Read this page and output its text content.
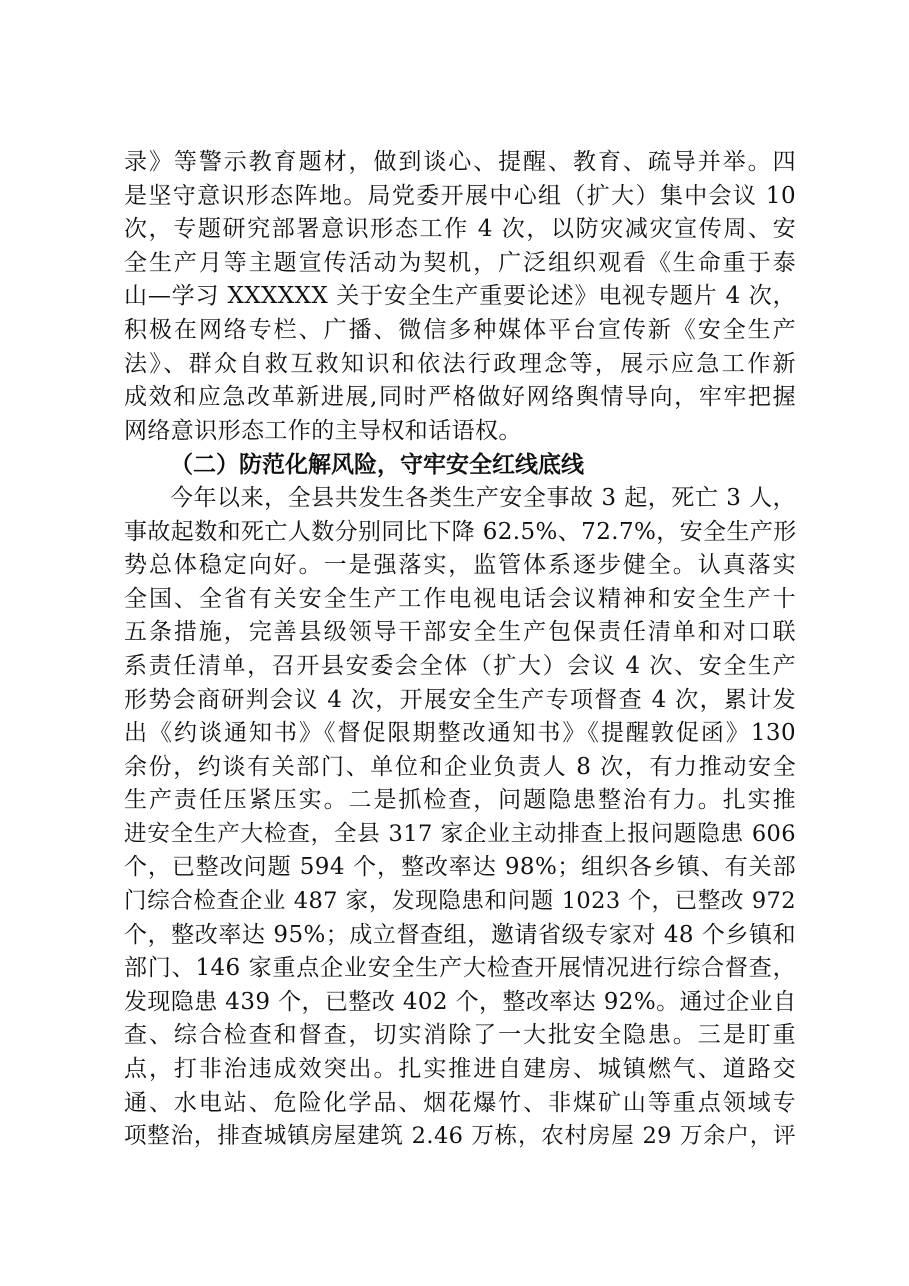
录》等警示教育题材，做到谈心、提醒、教育、疏导并举。四
是坚守意识形态阵地。局党委开展中心组（扩大）集中会议 10
次，专题研究部署意识形态工作 4 次，以防灾减灾宣传周、安
全生产月等主题宣传活动为契机，广泛组织观看《生命重于泰
山—学习 XXXXXX 关于安全生产重要论述》电视专题片 4 次，
积极在网络专栏、广播、微信多种媒体平台宣传新《安全生产
法》、群众自救互救知识和依法行政理念等，展示应急工作新
成效和应急改革新进展,同时严格做好网络舆情导向，牢牢把握
网络意识形态工作的主导权和话语权。
（二）防范化解风险，守牢安全红线底线
今年以来，全县共发生各类生产安全事故 3 起，死亡 3 人，
事故起数和死亡人数分别同比下降 62.5%、72.7%，安全生产形
势总体稳定向好。一是强落实，监管体系逐步健全。认真落实
全国、全省有关安全生产工作电视电话会议精神和安全生产十
五条措施，完善县级领导干部安全生产包保责任清单和对口联
系责任清单，召开县安委会全体（扩大）会议 4 次、安全生产
形势会商研判会议 4 次，开展安全生产专项督查 4 次，累计发
出《约谈通知书》《督促限期整改通知书》《提醒敦促函》130
余份，约谈有关部门、单位和企业负责人 8 次，有力推动安全
生产责任压紧压实。二是抓检查，问题隐患整治有力。扎实推
进安全生产大检查，全县 317 家企业主动排查上报问题隐患 606
个，已整改问题 594 个，整改率达 98%；组织各乡镇、有关部
门综合检查企业 487 家，发现隐患和问题 1023 个，已整改 972
个，整改率达 95%；成立督查组，邀请省级专家对 48 个乡镇和
部门、146 家重点企业安全生产大检查开展情况进行综合督查，
发现隐患 439 个，已整改 402 个，整改率达 92%。通过企业自
查、综合检查和督查，切实消除了一大批安全隐患。三是盯重
点，打非治违成效突出。扎实推进自建房、城镇燃气、道路交
通、水电站、危险化学品、烟花爆竹、非煤矿山等重点领域专
项整治，排查城镇房屋建筑 2.46 万栋，农村房屋 29 万余户，评
